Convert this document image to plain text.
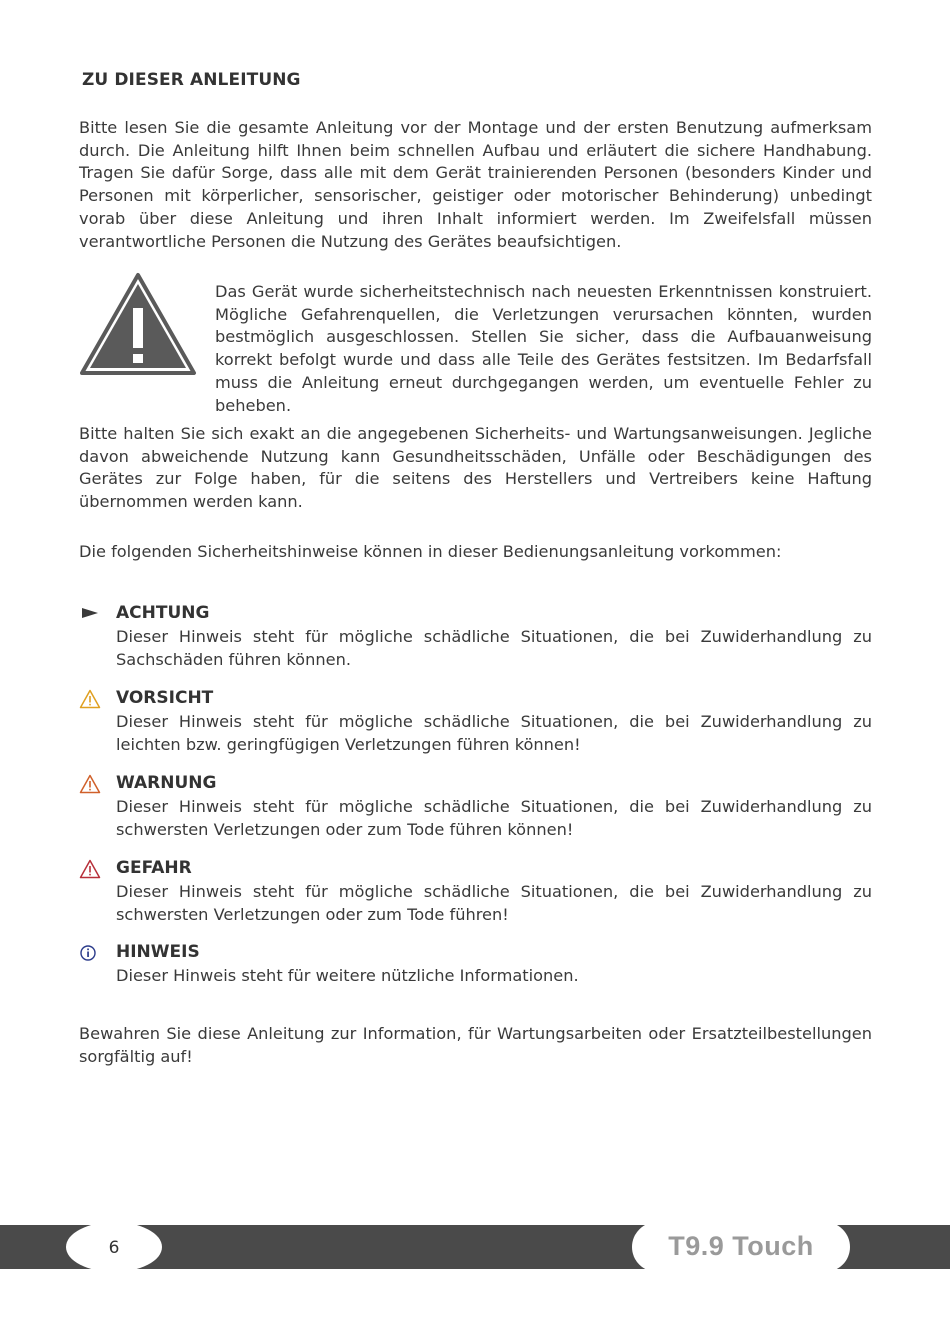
ZU DIESER ANLEITUNG

Bitte lesen Sie die gesamte Anleitung vor der Montage und der ersten Benutzung aufmerksam durch. Die Anleitung hilft Ihnen beim schnellen Aufbau und erläutert die sichere Handhabung. Tragen Sie dafür Sorge, dass alle mit dem Gerät trainierenden Personen (besonders Kinder und Personen mit körperlicher, sensorischer, geistiger oder motorischer Behinderung) unbedingt vorab über diese Anleitung und ihren Inhalt informiert werden. Im Zweifelsfall müssen verantwortliche Personen die Nutzung des Gerätes beaufsichtigen.

Das Gerät wurde sicherheitstechnisch nach neuesten Erkenntnissen konstruiert. Mögliche Gefahrenquellen, die Verletzungen verursachen könnten, wurden bestmöglich ausgeschlossen. Stellen Sie sicher, dass die Aufbauanweisung korrekt befolgt wurde und dass alle Teile des Gerätes festsitzen. Im Bedarfsfall muss die Anleitung erneut durchgegangen werden, um eventuelle Fehler zu beheben.

Bitte halten Sie sich exakt an die angegebenen Sicherheits- und Wartungsanweisungen. Jegliche davon abweichende Nutzung kann Gesundheitsschäden, Unfälle oder Beschädigungen des Gerätes zur Folge haben, für die seitens des Herstellers und Vertreibers keine Haftung übernommen werden kann.

Die folgenden Sicherheitshinweise können in dieser Bedienungsanleitung vorkommen:

ACHTUNG

Dieser Hinweis steht für mögliche schädliche Situationen, die bei Zuwiderhandlung zu Sachschäden führen können.

VORSICHT

Dieser Hinweis steht für mögliche schädliche Situationen, die bei Zuwiderhandlung zu leichten bzw. geringfügigen Verletzungen führen können!

WARNUNG

Dieser Hinweis steht für mögliche schädliche Situationen, die bei Zuwiderhandlung zu schwersten Verletzungen oder zum Tode führen können!

GEFAHR

Dieser Hinweis steht für mögliche schädliche Situationen, die bei Zuwiderhandlung zu schwersten Verletzungen oder zum Tode führen!

HINWEIS

Dieser Hinweis steht für weitere nützliche Informationen.

Bewahren Sie diese Anleitung zur Information, für Wartungsarbeiten oder Ersatzteilbestellungen sorgfältig auf!

6	T9.9 Touch
